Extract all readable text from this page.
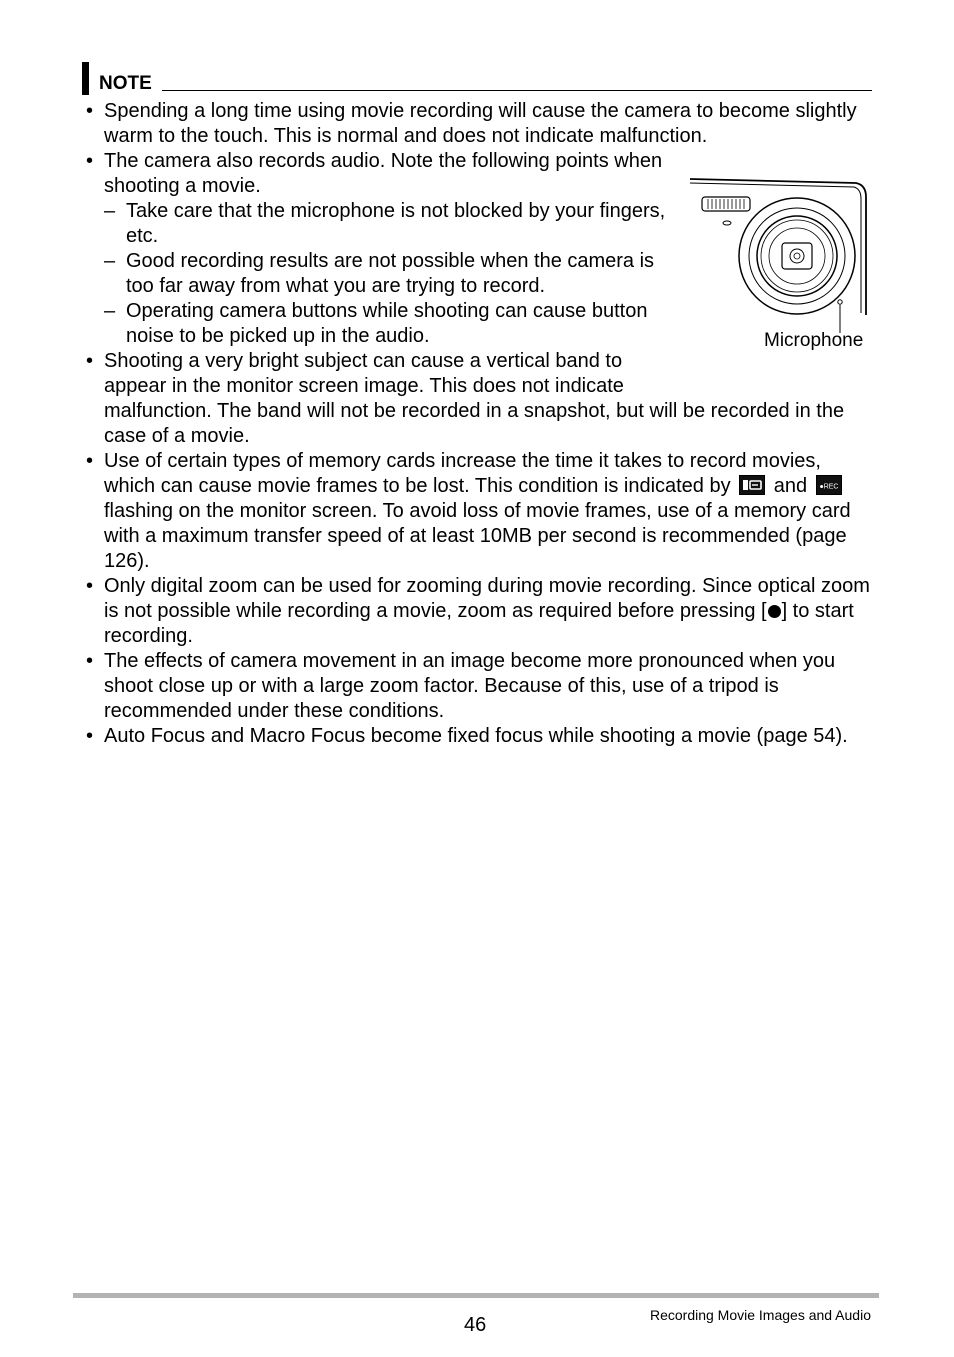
NOTE
• Spending a long time using movie recording will cause the camera to become slightly warm to the touch. This is normal and does not indicate malfunction.
• The camera also records audio. Note the following points when shooting a movie.
– Take care that the microphone is not blocked by your fingers, etc.
– Good recording results are not possible when the camera is too far away from what you are trying to record.
– Operating camera buttons while shooting can cause button noise to be picked up in the audio.
• Shooting a very bright subject can cause a vertical band to appear in the monitor screen image. This does not indicate
malfunction. The band will not be recorded in a snapshot, but will be recorded in the case of a movie.
• Use of certain types of memory cards increase the time it takes to record movies, which can cause movie frames to be lost. This condition is indicated by and ●REC
flashing on the monitor screen. To avoid loss of movie frames, use of a memory card with a maximum transfer speed of at least 10MB per second is recommended (page 126).
• Only digital zoom can be used for zooming during movie recording. Since optical zoom is not possible while recording a movie, zoom as required before pressing [ ] to start recording.
• The effects of camera movement in an image become more pronounced when you shoot close up or with a large zoom factor. Because of this, use of a tripod is recommended under these conditions.
• Auto Focus and Macro Focus become fixed focus while shooting a movie (page 54).
Microphone
46	Recording Movie Images and Audio
